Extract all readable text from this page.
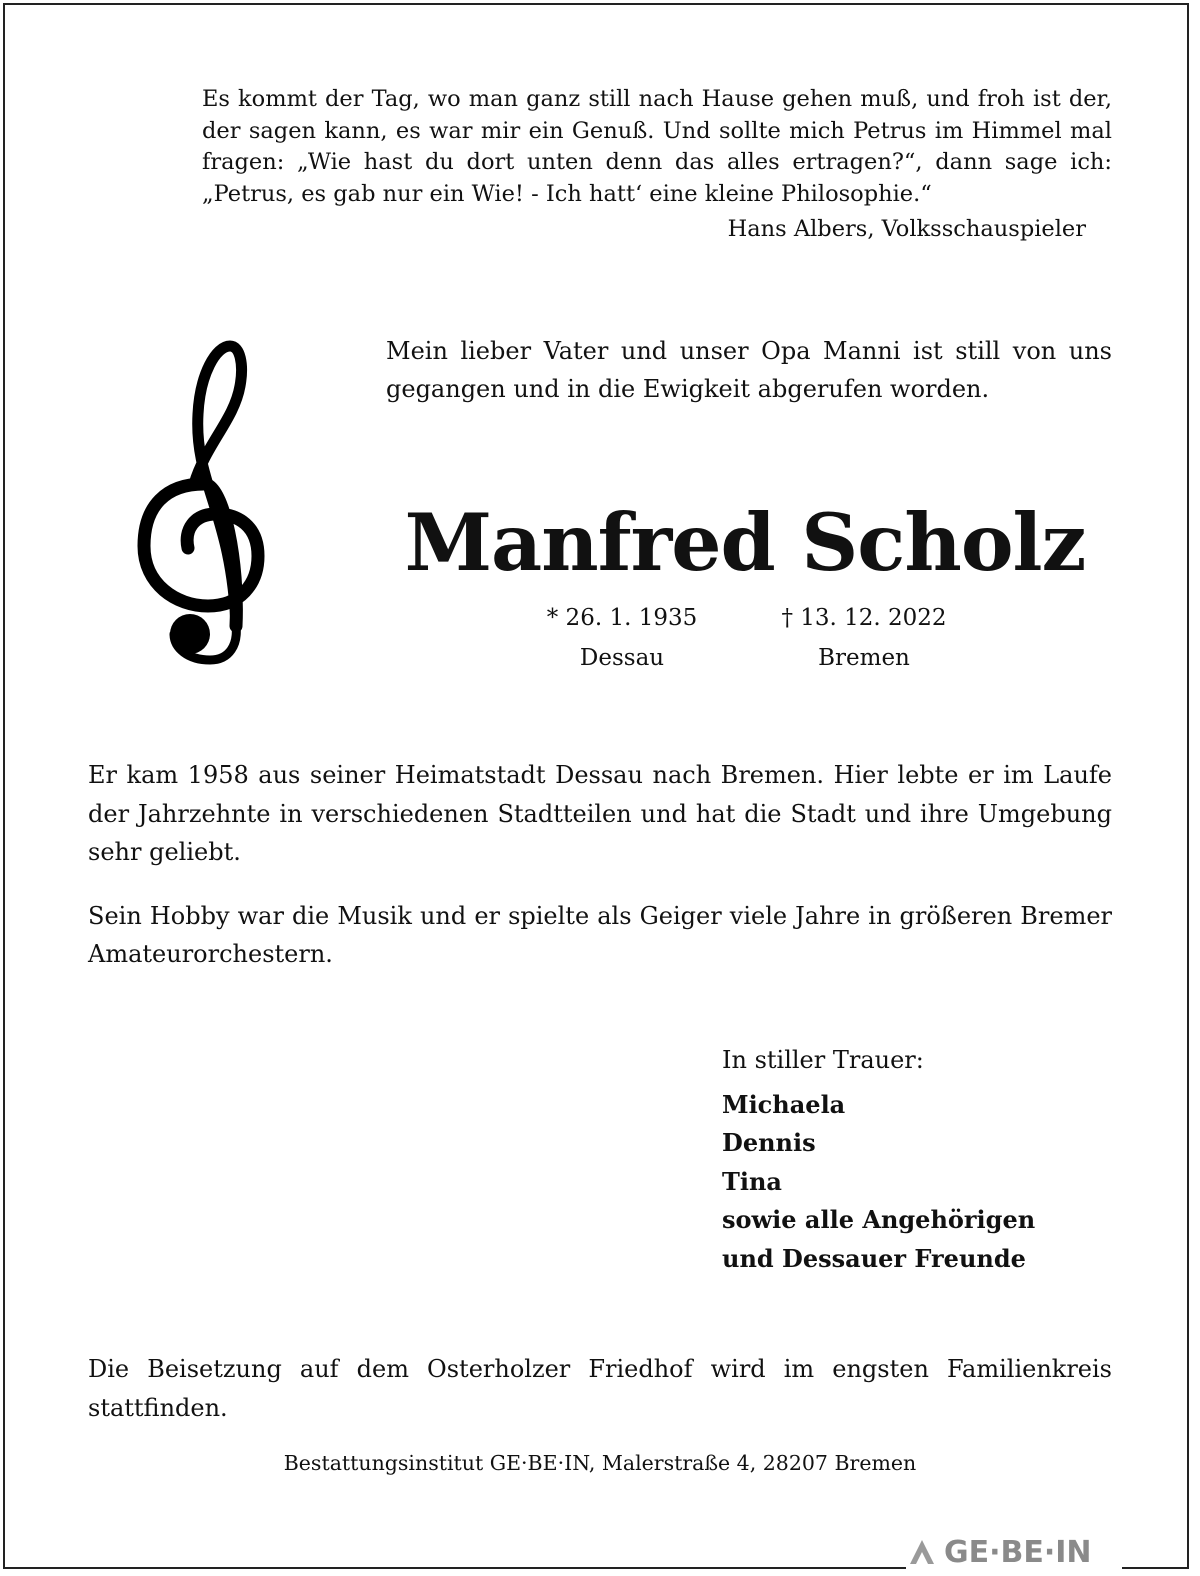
Es kommt der Tag, wo man ganz still nach Hause gehen muß, und froh ist der, der sagen kann, es war mir ein Genuß. Und sollte mich Petrus im Himmel mal fragen: „Wie hast du dort unten denn das alles ertragen?“, dann sage ich: „Petrus, es gab nur ein Wie! - Ich hatt‘ eine kleine Philosophie.“

Hans Albers, Volksschauspieler
Mein lieber Vater und unser Opa Manni ist still von uns gegangen und in die Ewigkeit abgerufen worden.
Manfred Scholz
* 26. 1. 1935
Dessau
† 13. 12. 2022
Bremen

Er kam 1958 aus seiner Heimatstadt Dessau nach Bremen. Hier lebte er im Laufe der Jahrzehnte in verschiedenen Stadtteilen und hat die Stadt und ihre Umgebung sehr geliebt.

Sein Hobby war die Musik und er spielte als Geiger viele Jahre in größeren Bremer Amateurorchestern.

In stiller Trauer:
Michaela
Dennis
Tina
sowie alle Angehörigen
und Dessauer Freunde

Die Beisetzung auf dem Osterholzer Friedhof wird im engsten Familienkreis stattfinden.

Bestattungsinstitut GE·BE·IN, Malerstraße 4, 28207 Bremen
GE·BE·IN
